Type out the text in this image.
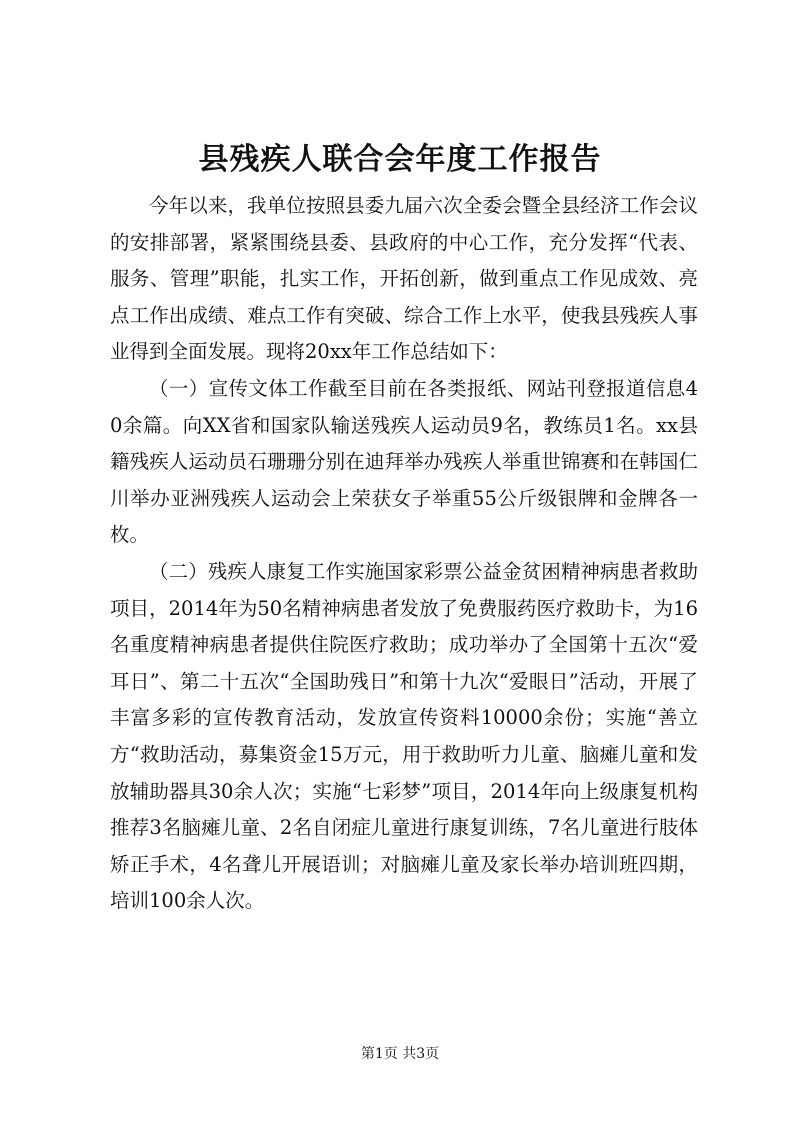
县残疾人联合会年度工作报告

今年以来，我单位按照县委九届六次全委会暨全县经济工作会议的安排部署，紧紧围绕县委、县政府的中心工作，充分发挥“代表、服务、管理”职能，扎实工作，开拓创新，做到重点工作见成效、亮点工作出成绩、难点工作有突破、综合工作上水平，使我县残疾人事业得到全面发展。现将20xx年工作总结如下：

（一）宣传文体工作截至目前在各类报纸、网站刊登报道信息40余篇。向XX省和国家队输送残疾人运动员9名，教练员1名。xx县籍残疾人运动员石珊珊分别在迪拜举办残疾人举重世锦赛和在韩国仁川举办亚洲残疾人运动会上荣获女子举重55公斤级银牌和金牌各一枚。

（二）残疾人康复工作实施国家彩票公益金贫困精神病患者救助项目，2014年为50名精神病患者发放了免费服药医疗救助卡，为16名重度精神病患者提供住院医疗救助；成功举办了全国第十五次“爱耳日”、第二十五次“全国助残日”和第十九次“爱眼日”活动，开展了丰富多彩的宣传教育活动，发放宣传资料10000余份；实施“善立方“救助活动，募集资金15万元，用于救助听力儿童、脑瘫儿童和发放辅助器具30余人次；实施“七彩梦”项目，2014年向上级康复机构推荐3名脑瘫儿童、2名自闭症儿童进行康复训练，7名儿童进行肢体矫正手术，4名聋儿开展语训；对脑瘫儿童及家长举办培训班四期，培训100余人次。

第1页 共3页
